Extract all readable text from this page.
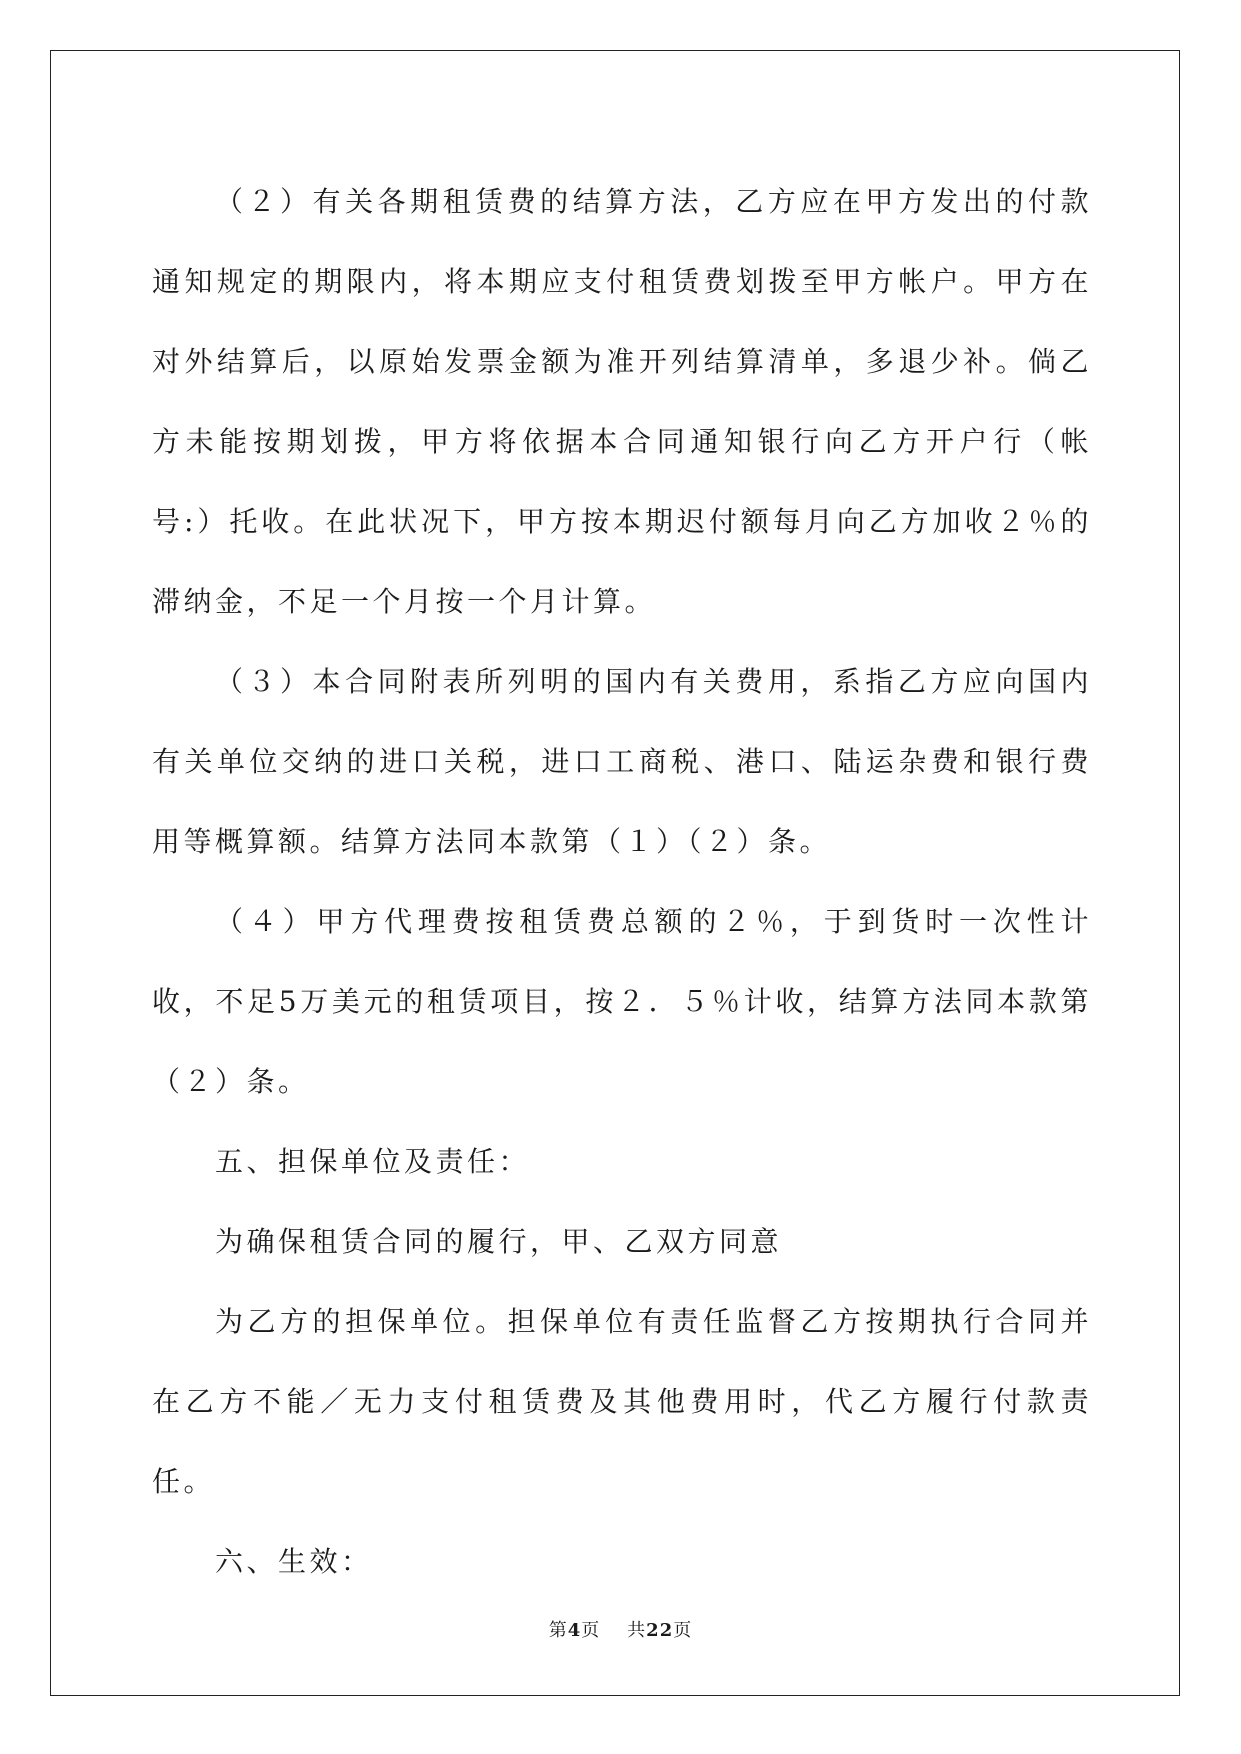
（２）有关各期租赁费的结算方法，乙方应在甲方发出的付款通知规定的期限内，将本期应支付租赁费划拨至甲方帐户。甲方在对外结算后，以原始发票金额为准开列结算清单，多退少补。倘乙方未能按期划拨，甲方将依据本合同通知银行向乙方开户行（帐号:）托收。在此状况下，甲方按本期迟付额每月向乙方加收２％的滞纳金，不足一个月按一个月计算。

（３）本合同附表所列明的国内有关费用，系指乙方应向国内有关单位交纳的进口关税，进口工商税、港口、陆运杂费和银行费用等概算额。结算方法同本款第（１）（２）条。

（４）甲方代理费按租赁费总额的２％，于到货时一次性计收，不足5万美元的租赁项目，按２．５％计收，结算方法同本款第（２）条。

五、担保单位及责任：

为确保租赁合同的履行，甲、乙双方同意

为乙方的担保单位。担保单位有责任监督乙方按期执行合同并在乙方不能／无力支付租赁费及其他费用时，代乙方履行付款责任。

六、生效：

第4页 共22页
